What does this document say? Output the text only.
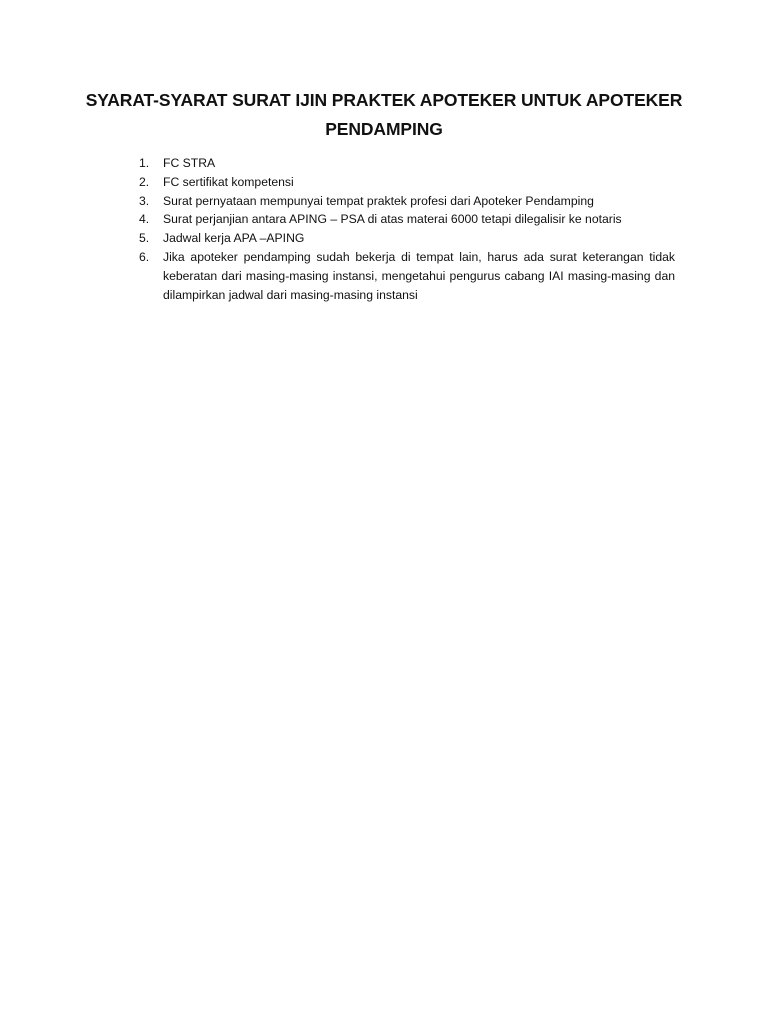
SYARAT-SYARAT SURAT IJIN PRAKTEK APOTEKER UNTUK APOTEKER PENDAMPING
1.	FC STRA
2.	FC sertifikat kompetensi
3.	Surat pernyataan mempunyai tempat praktek profesi dari Apoteker Pendamping
4.	Surat perjanjian antara APING – PSA di atas materai 6000 tetapi dilegalisir ke notaris
5.	Jadwal kerja APA –APING
6.	Jika apoteker pendamping sudah bekerja di tempat lain, harus ada surat keterangan tidak keberatan dari masing-masing instansi, mengetahui pengurus cabang IAI masing-masing dan dilampirkan jadwal dari masing-masing instansi
